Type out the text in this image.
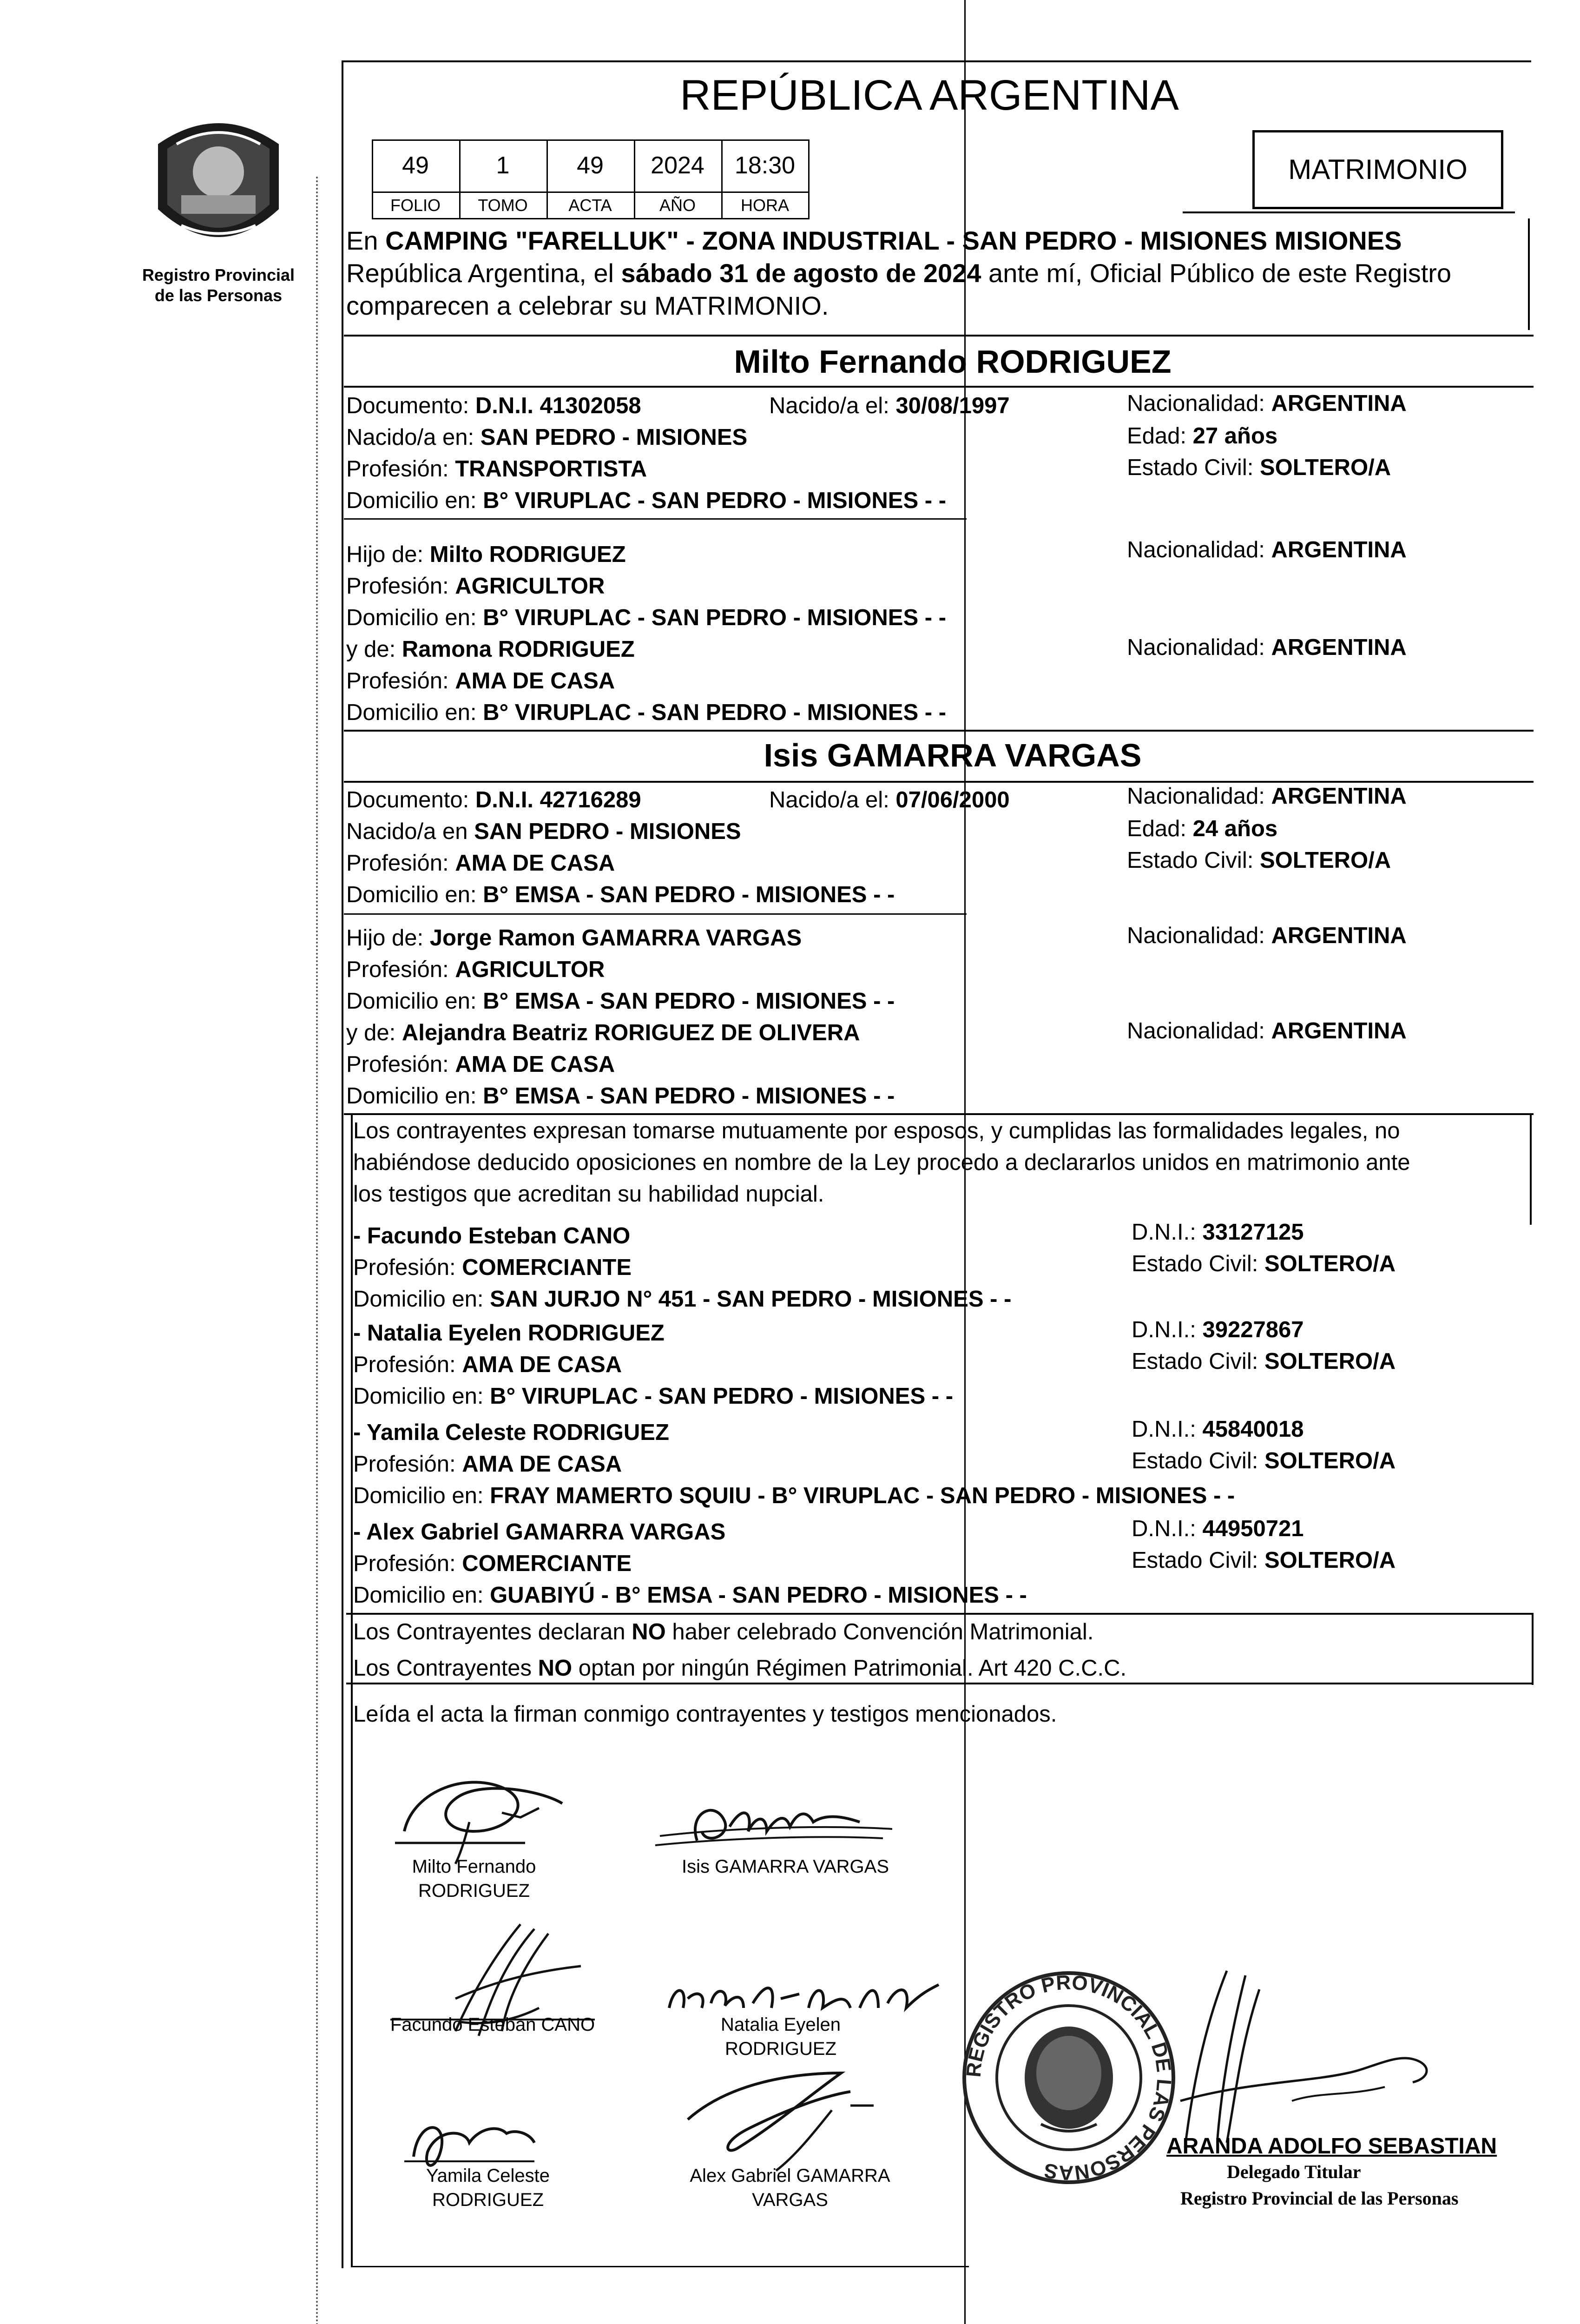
Registro Provincial
de las Personas
REPÚBLICA ARGENTINA
49	1	49	2024	18:30
FOLIO	TOMO	ACTA	AÑO	HORA
MATRIMONIO
En CAMPING "FARELLUK" - ZONA INDUSTRIAL - SAN PEDRO - MISIONES MISIONES
República Argentina, el sábado 31 de agosto de 2024 ante mí, Oficial Público de este Registro
comparecen a celebrar su MATRIMONIO.
Milto Fernando RODRIGUEZ
Documento: D.N.I. 41302058	Nacido/a el: 30/08/1997	Nacionalidad: ARGENTINA
Nacido/a en: SAN PEDRO - MISIONES	Edad: 27 años
Profesión: TRANSPORTISTA	Estado Civil: SOLTERO/A
Domicilio en: B° VIRUPLAC - SAN PEDRO - MISIONES - -
Hijo de: Milto RODRIGUEZ	Nacionalidad: ARGENTINA
Profesión: AGRICULTOR
Domicilio en: B° VIRUPLAC - SAN PEDRO - MISIONES - -
y de: Ramona RODRIGUEZ	Nacionalidad: ARGENTINA
Profesión: AMA DE CASA
Domicilio en: B° VIRUPLAC - SAN PEDRO - MISIONES - -
Isis GAMARRA VARGAS
Documento: D.N.I. 42716289	Nacido/a el: 07/06/2000	Nacionalidad: ARGENTINA
Nacido/a en SAN PEDRO - MISIONES	Edad: 24 años
Profesión: AMA DE CASA	Estado Civil: SOLTERO/A
Domicilio en: B° EMSA - SAN PEDRO - MISIONES - -
Hijo de: Jorge Ramon GAMARRA VARGAS	Nacionalidad: ARGENTINA
Profesión: AGRICULTOR
Domicilio en: B° EMSA - SAN PEDRO - MISIONES - -
y de: Alejandra Beatriz RORIGUEZ DE OLIVERA	Nacionalidad: ARGENTINA
Profesión: AMA DE CASA
Domicilio en: B° EMSA - SAN PEDRO - MISIONES - -
Los contrayentes expresan tomarse mutuamente por esposos, y cumplidas las formalidades legales, no
habiéndose deducido oposiciones en nombre de la Ley procedo a declararlos unidos en matrimonio ante
los testigos que acreditan su habilidad nupcial.
- Facundo Esteban CANO	D.N.I.: 33127125
Profesión: COMERCIANTE	Estado Civil: SOLTERO/A
Domicilio en: SAN JURJO N° 451 - SAN PEDRO - MISIONES - -
- Natalia Eyelen RODRIGUEZ	D.N.I.: 39227867
Profesión: AMA DE CASA	Estado Civil: SOLTERO/A
Domicilio en: B° VIRUPLAC - SAN PEDRO - MISIONES - -
- Yamila Celeste RODRIGUEZ	D.N.I.: 45840018
Profesión: AMA DE CASA	Estado Civil: SOLTERO/A
Domicilio en: FRAY MAMERTO SQUIU - B° VIRUPLAC - SAN PEDRO - MISIONES - -
- Alex Gabriel GAMARRA VARGAS	D.N.I.: 44950721
Profesión: COMERCIANTE	Estado Civil: SOLTERO/A
Domicilio en: GUABIYÚ - B° EMSA - SAN PEDRO - MISIONES - -
Los Contrayentes declaran NO haber celebrado Convención Matrimonial.
Los Contrayentes NO optan por ningún Régimen Patrimonial. Art 420 C.C.C.
Leída el acta la firman conmigo contrayentes y testigos mencionados.
Milto Fernando
RODRIGUEZ
Isis GAMARRA VARGAS
Facundo Esteban CANO	Natalia Eyelen
RODRIGUEZ
Yamila Celeste
RODRIGUEZ
Alex Gabriel GAMARRA
VARGAS
REGISTRO PROVINCIAL DE LAS PERSONAS
ARANDA ADOLFO SEBASTIAN
Delegado Titular
Registro Provincial de las Personas
